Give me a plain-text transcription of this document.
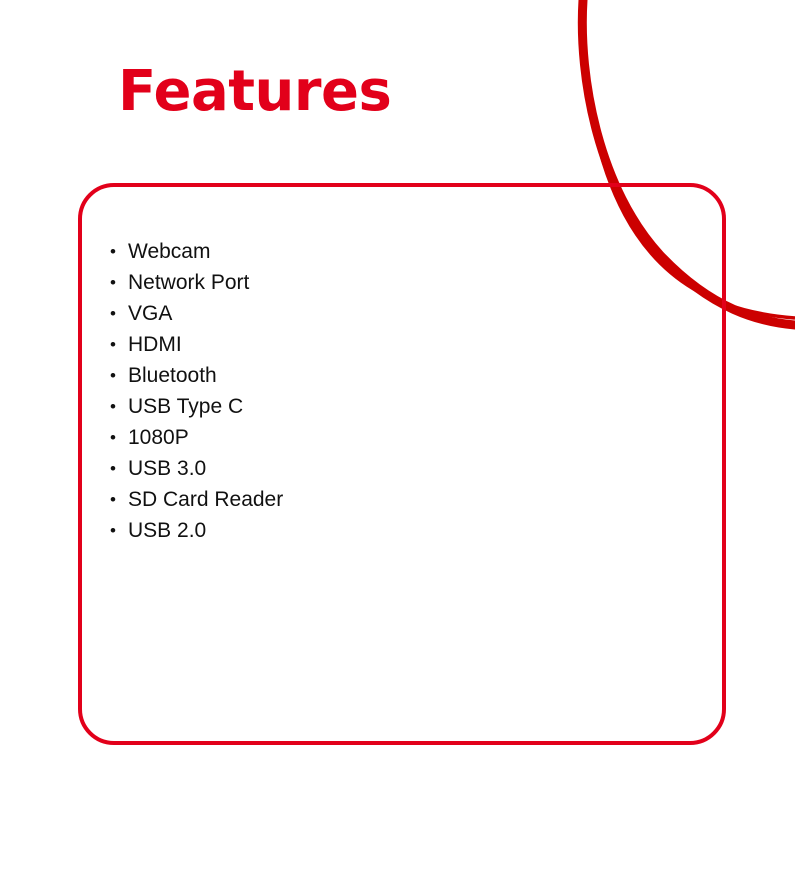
Features
• Webcam
• Network Port
• VGA
• HDMI
• Bluetooth
• USB Type C
• 1080P
• USB 3.0
• SD Card Reader
• USB 2.0
